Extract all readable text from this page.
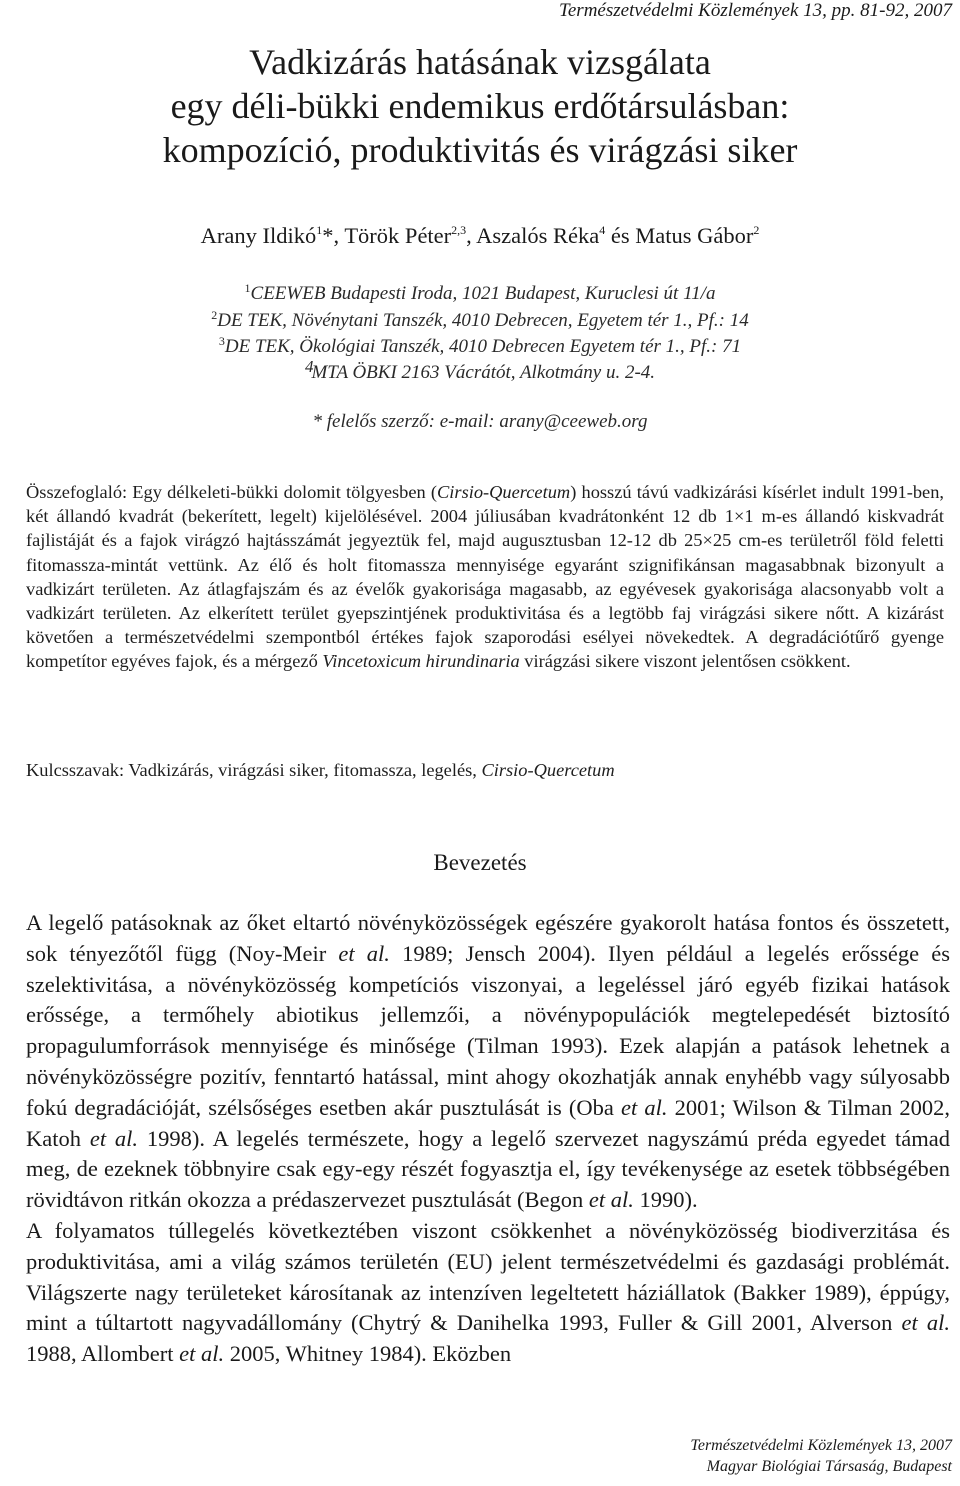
Természetvédelmi Közlemények 13, pp. 81-92, 2007
Vadkizárás hatásának vizsgálata
egy déli-bükki endemikus erdőtársulásban:
kompozíció, produktivitás és virágzási siker
Arany Ildikó$^1$*, Török Péter$^{2,3}$, Aszalós Réka$^4$ és Matus Gábor$^2$
$^1$CEEWEB Budapesti Iroda, 1021 Budapest, Kuruclesi út 11/a
$^2$DE TEK, Növénytani Tanszék, 4010 Debrecen, Egyetem tér 1., Pf.: 14
$^3$DE TEK, Ökológiai Tanszék, 4010 Debrecen Egyetem tér 1., Pf.: 71
$^4$MTA ÖBKI 2163 Vácrátót, Alkotmány u. 2-4.
* felelős szerző: e-mail: arany@ceeweb.org

Összefoglaló: Egy délkeleti-bükki dolomit tölgyesben (Cirsio-Quercetum) hosszú távú vadkizárási kísérlet indult 1991-ben, két állandó kvadrát (bekerített, legelt) kijelölésével. 2004 júliusában kvadrátonként 12 db 1×1 m-es állandó kiskvadrát fajlistáját és a fajok virágzó hajtásszámát jegyeztük fel, majd augusztusban 12-12 db 25×25 cm-es területről föld feletti fitomassza-mintát vettünk. Az élő és holt fitomassza mennyisége egyaránt szignifikánsan magasabbnak bizonyult a vadkizárt területen. Az átlagfajszám és az évelők gyakorisága magasabb, az egyévesek gyakorisága alacsonyabb volt a vadkizárt területen. Az elkerített terület gyepszintjének produktivitása és a legtöbb faj virágzási sikere nőtt. A kizárást követően a természetvédelmi szempontból értékes fajok szaporodási esélyei növekedtek. A degradációtűrő gyenge kompetítor egyéves fajok, és a mérgező Vincetoxicum hirundinaria virágzási sikere viszont jelentősen csökkent.

Kulcsszavak: Vadkizárás, virágzási siker, fitomassza, legelés, Cirsio-Quercetum
Bevezetés

A legelő patásoknak az őket eltartó növényközösségek egészére gyakorolt hatása fontos és összetett, sok tényezőtől függ (Noy-Meir et al. 1989; Jensch 2004). Ilyen például a legelés erőssége és szelektivitása, a növényközösség kompetíciós viszonyai, a legeléssel járó egyéb fizikai hatások erőssége, a termőhely abiotikus jellemzői, a növénypopulációk megtelepedését biztosító propagulumforrások mennyisége és minősége (Tilman 1993). Ezek alapján a patások lehetnek a növényközösségre pozitív, fenntartó hatással, mint ahogy okozhatják annak enyhébb vagy súlyosabb fokú degradációját, szélsőséges esetben akár pusztulását is (Oba et al. 2001; Wilson & Tilman 2002, Katoh et al. 1998). A legelés természete, hogy a legelő szervezet nagyszámú préda egyedet támad meg, de ezeknek többnyire csak egy-egy részét fogyasztja el, így tevékenysége az esetek többségében rövidtávon ritkán okozza a prédaszervezet pusztulását (Begon et al. 1990).

A folyamatos túllegelés következtében viszont csökkenhet a növényközösség biodiverzitása és produktivitása, ami a világ számos területén (EU) jelent természetvédelmi és gazdasági problémát. Világszerte nagy területeket károsítanak az intenzíven legeltetett háziállatok (Bakker 1989), éppúgy, mint a túltartott nagyvadállomány (Chytrý & Danihelka 1993, Fuller & Gill 2001, Alverson et al. 1988, Allombert et al. 2005, Whitney 1984). Eközben

Természetvédelmi Közlemények 13, 2007
Magyar Biológiai Társaság, Budapest
